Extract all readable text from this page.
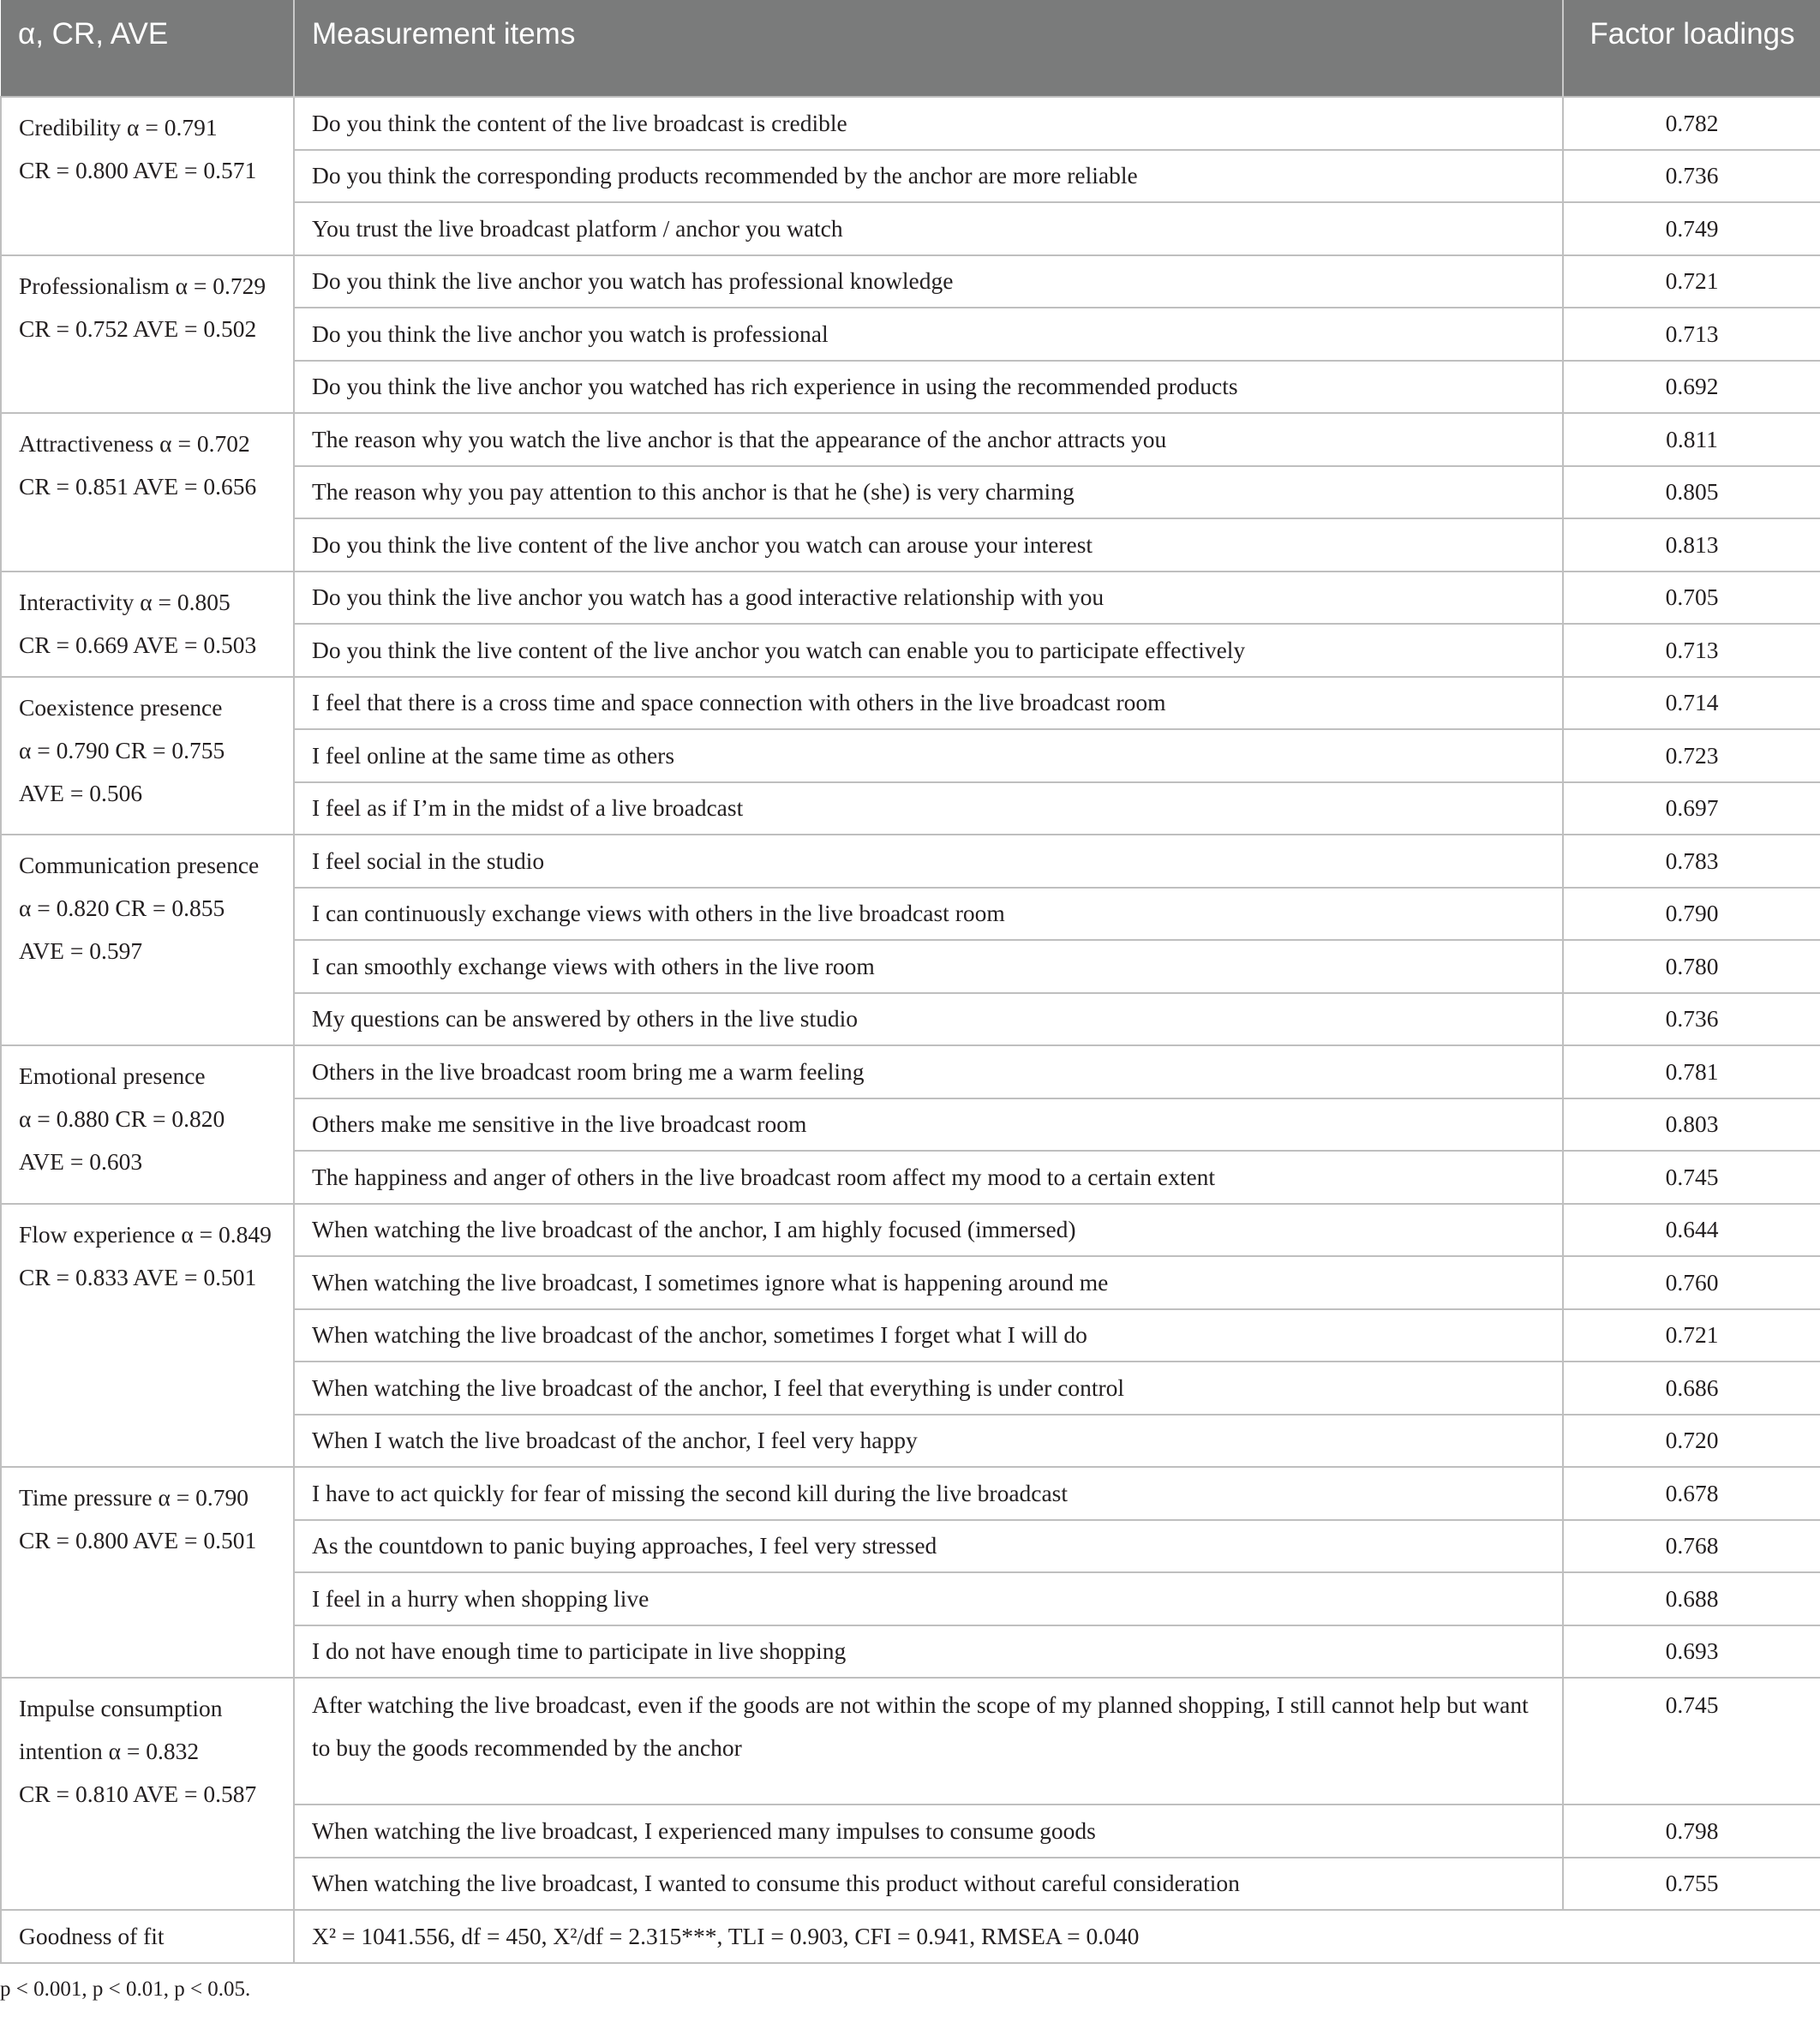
α, CR, AVE	Measurement items	Factor loadings

Credibility α = 0.791
CR = 0.800 AVE = 0.571	Do you think the content of the live broadcast is credible	0.782
	Do you think the corresponding products recommended by the anchor are more reliable	0.736
	You trust the live broadcast platform / anchor you watch	0.749

Professionalism α = 0.729
CR = 0.752 AVE = 0.502	Do you think the live anchor you watch has professional knowledge	0.721
	Do you think the live anchor you watch is professional	0.713
	Do you think the live anchor you watched has rich experience in using the recommended products	0.692

Attractiveness α = 0.702
CR = 0.851 AVE = 0.656	The reason why you watch the live anchor is that the appearance of the anchor attracts you	0.811
	The reason why you pay attention to this anchor is that he (she) is very charming	0.805
	Do you think the live content of the live anchor you watch can arouse your interest	0.813

Interactivity α = 0.805
CR = 0.669 AVE = 0.503	Do you think the live anchor you watch has a good interactive relationship with you	0.705
	Do you think the live content of the live anchor you watch can enable you to participate effectively	0.713

Coexistence presence
α = 0.790 CR = 0.755
AVE = 0.506	I feel that there is a cross time and space connection with others in the live broadcast room	0.714
	I feel online at the same time as others	0.723
	I feel as if I’m in the midst of a live broadcast	0.697

Communication presence
α = 0.820 CR = 0.855
AVE = 0.597	I feel social in the studio	0.783
	I can continuously exchange views with others in the live broadcast room	0.790
	I can smoothly exchange views with others in the live room	0.780
	My questions can be answered by others in the live studio	0.736

Emotional presence
α = 0.880 CR = 0.820
AVE = 0.603	Others in the live broadcast room bring me a warm feeling	0.781
	Others make me sensitive in the live broadcast room	0.803
	The happiness and anger of others in the live broadcast room affect my mood to a certain extent	0.745

Flow experience α = 0.849
CR = 0.833 AVE = 0.501	When watching the live broadcast of the anchor, I am highly focused (immersed)	0.644
	When watching the live broadcast, I sometimes ignore what is happening around me	0.760
	When watching the live broadcast of the anchor, sometimes I forget what I will do	0.721
	When watching the live broadcast of the anchor, I feel that everything is under control	0.686
	When I watch the live broadcast of the anchor, I feel very happy	0.720

Time pressure α = 0.790
CR = 0.800 AVE = 0.501	I have to act quickly for fear of missing the second kill during the live broadcast	0.678
	As the countdown to panic buying approaches, I feel very stressed	0.768
	I feel in a hurry when shopping live	0.688
	I do not have enough time to participate in live shopping	0.693

Impulse consumption
intention α = 0.832
CR = 0.810 AVE = 0.587	After watching the live broadcast, even if the goods are not within the scope of my planned shopping, I still cannot help but want to buy the goods recommended by the anchor	0.745
	When watching the live broadcast, I experienced many impulses to consume goods	0.798
	When watching the live broadcast, I wanted to consume this product without careful consideration	0.755
Goodness of fit	X² = 1041.556, df = 450, X²/df = 2.315***, TLI = 0.903, CFI = 0.941, RMSEA = 0.040	
p < 0.001, p < 0.01, p < 0.05.
